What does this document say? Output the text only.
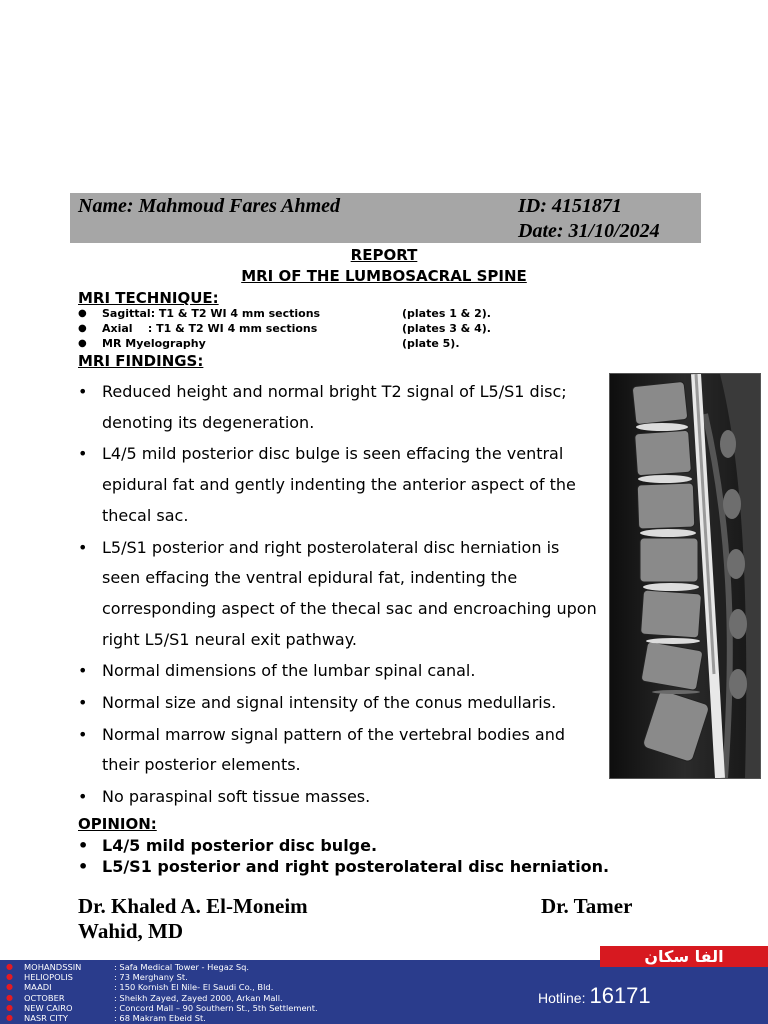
Name: Mahmoud Fares Ahmed	ID: 4151871
Date: 31/10/2024
REPORT
MRI OF THE LUMBOSACRAL SPINE
MRI TECHNIQUE:
● Sagittal: T1 & T2 WI 4 mm sections	(plates 1 & 2).
● Axial    : T1 & T2 WI 4 mm sections	(plates 3 & 4).
● MR Myelography	(plate 5).
MRI FINDINGS:
• Reduced height and normal bright T2 signal of L5/S1 disc; denoting its degeneration.
• L4/5 mild posterior disc bulge is seen effacing the ventral epidural fat and gently indenting the anterior aspect of the thecal sac.
• L5/S1 posterior and right posterolateral disc herniation is seen effacing the ventral epidural fat, indenting the corresponding aspect of the thecal sac and encroaching upon right L5/S1 neural exit pathway.
• Normal dimensions of the lumbar spinal canal.
• Normal size and signal intensity of the conus medullaris.
• Normal marrow signal pattern of the vertebral bodies and their posterior elements.
• No paraspinal soft tissue masses.
OPINION:
• L4/5 mild posterior disc bulge.
• L5/S1 posterior and right posterolateral disc herniation.
Dr. Khaled A. El-Moneim	Dr. Tamer
Wahid, MD
● MOHANDSSIN	: Safa Medical Tower - Hegaz Sq.
● HELIOPOLIS	: 73 Merghany St.
● MAADI	: 150 Kornish El Nile- El Saudi Co., Bld.
● OCTOBER	: Sheikh Zayed, Zayed 2000, Arkan Mall.
● NEW CAIRO	: Concord Mall – 90 Southern St., 5th Settlement.
● NASR CITY	: 68 Makram Ebeid St.
الفا سكان
Hotline: 16171
